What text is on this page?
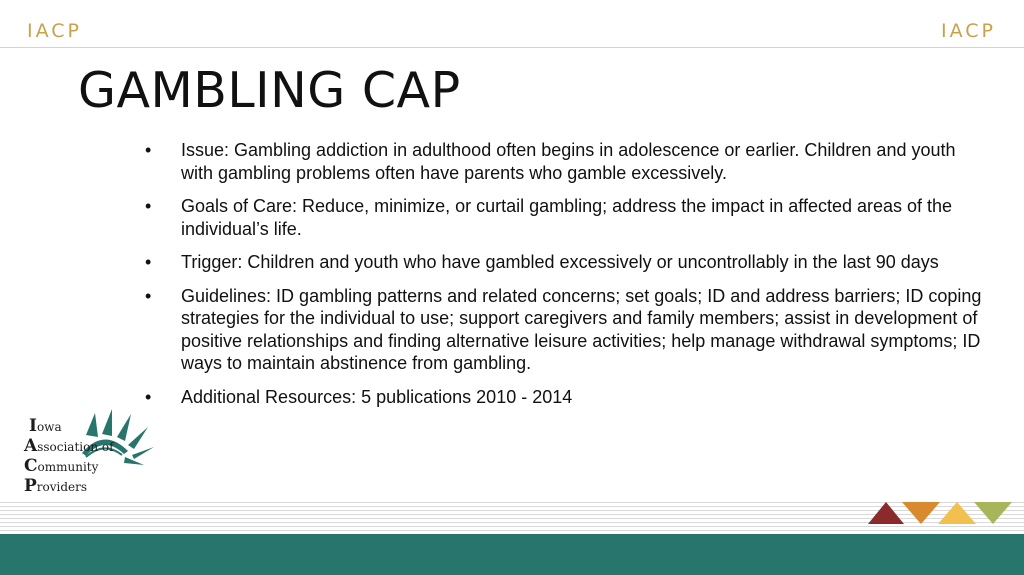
IACP	IACP
GAMBLING CAP
• Issue: Gambling addiction in adulthood often begins in adolescence or earlier. Children and youth with gambling problems often have parents who gamble excessively.
• Goals of Care: Reduce, minimize, or curtail gambling; address the impact in affected areas of the individual’s life.
• Trigger: Children and youth who have gambled excessively or uncontrollably in the last 90 days
• Guidelines: ID gambling patterns and related concerns; set goals; ID and address barriers; ID coping strategies for the individual to use; support caregivers and family members; assist in development of positive relationships and finding alternative leisure activities; help manage withdrawal symptoms; ID ways to maintain abstinence from gambling.
• Additional Resources: 5 publications 2010 - 2014
Iowa
Association of
Community
Providers
